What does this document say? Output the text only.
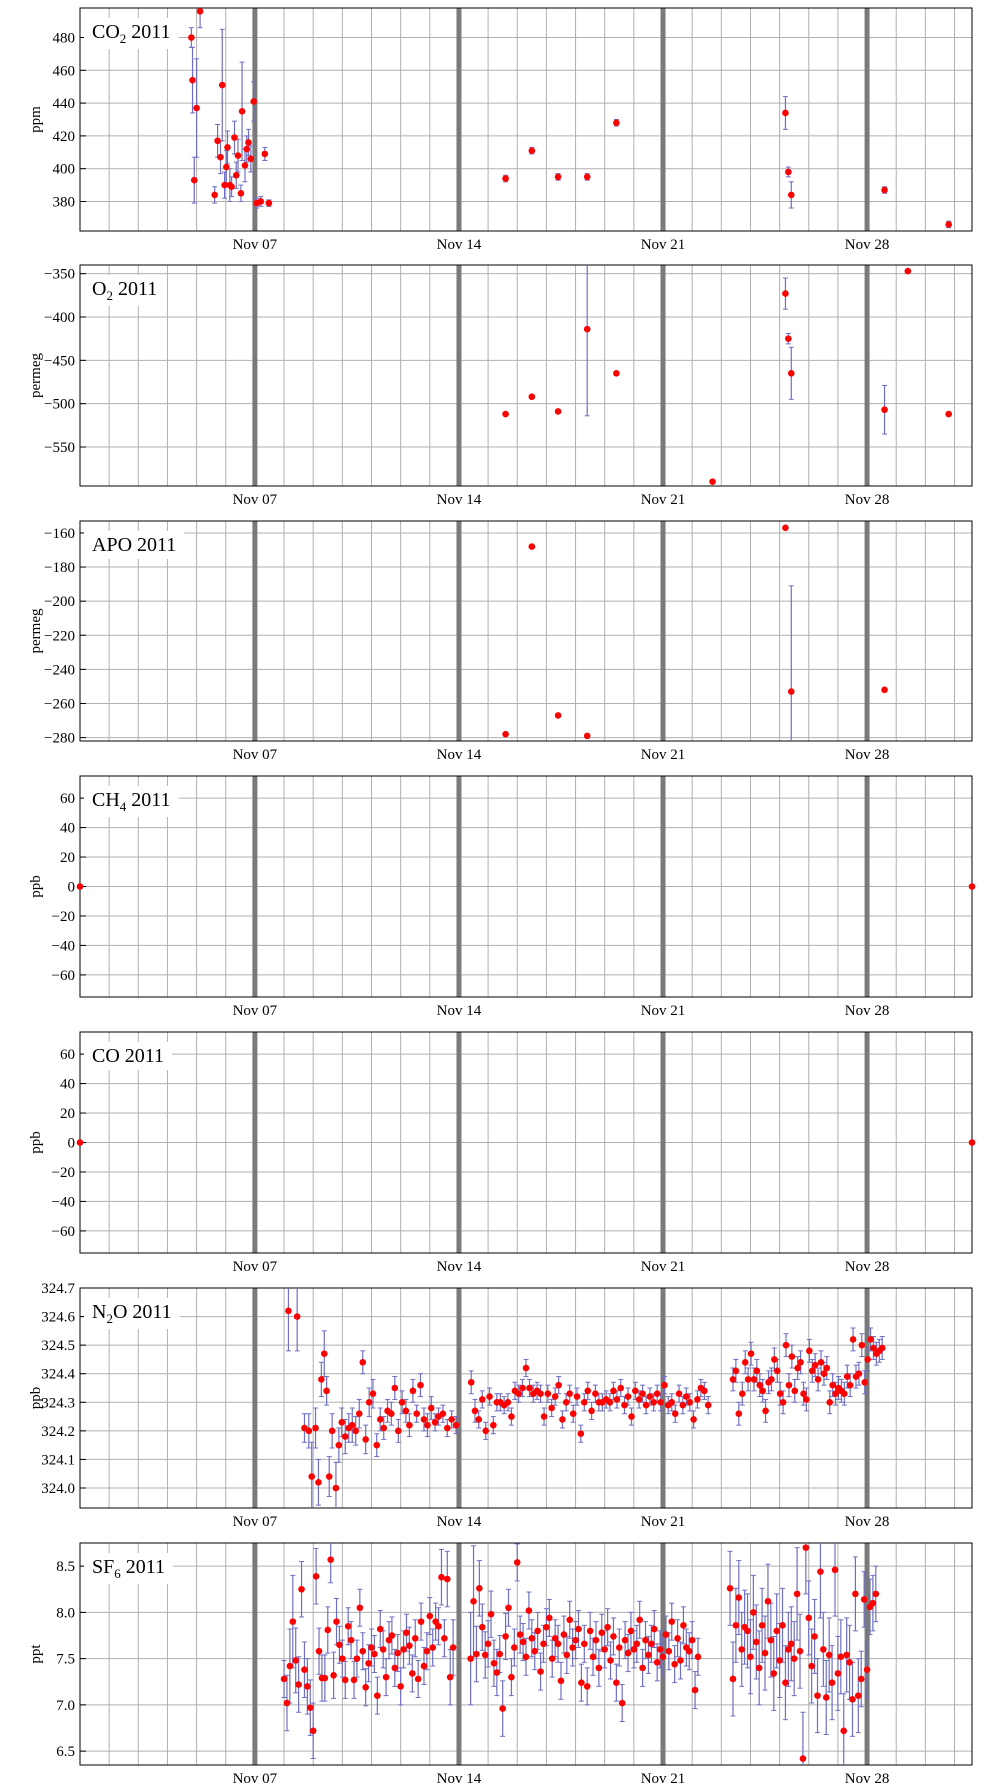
380
400
420
440
460
480
Nov 07	Nov 14	Nov 21	Nov 28
ppm
$CO_2$ 2011
−550
−500
−450
−400
−350
Nov 07	Nov 14	Nov 21	Nov 28
permeg
$O_2$ 2011
−280
−260
−240
−220
−200
−180
−160
Nov 07	Nov 14	Nov 21	Nov 28
permeg
APO 2011
−60
−40
−20
0
20
40
60
Nov 07	Nov 14	Nov 21	Nov 28
ppb
$CH_4$ 2011
−60
−40
−20
0
20
40
60
Nov 07	Nov 14	Nov 21	Nov 28
ppb
CO 2011
324.0
324.1
324.2
324.3
324.4
324.5
324.6
324.7
Nov 07	Nov 14	Nov 21	Nov 28
ppb
$N_2O$ 2011
6.5
7.0
7.5
8.0
8.5
Nov 07	Nov 14	Nov 21	Nov 28
ppt
$SF_6$ 2011
